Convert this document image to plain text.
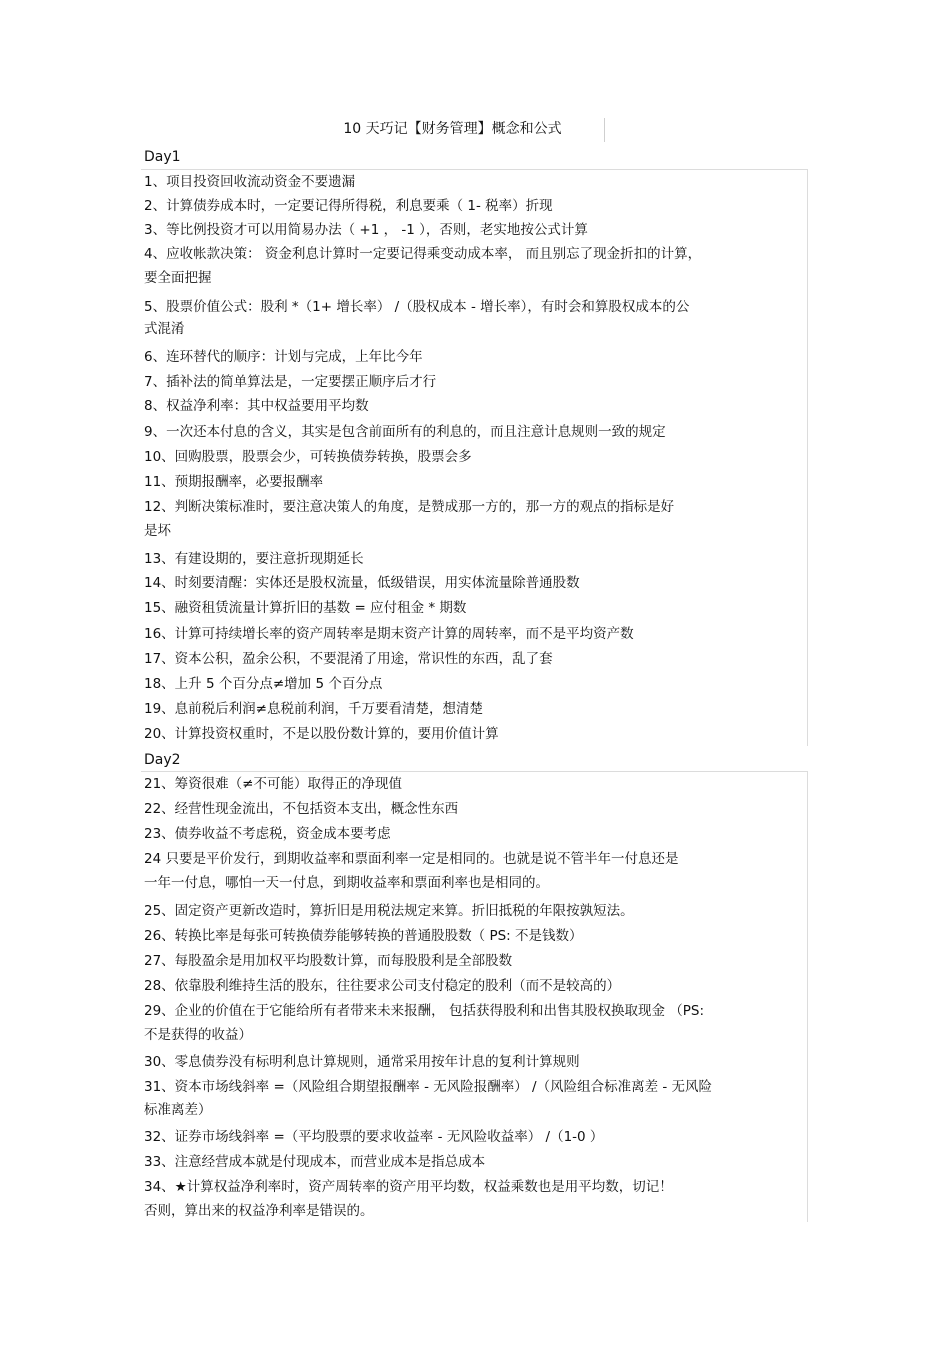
10 天巧记【财务管理】概念和公式
Day1
Day2
1、项目投资回收流动资金不要遗漏
2、计算债券成本时，一定要记得所得税，利息要乘（ 1- 税率）折现
3、等比例投资才可以用简易办法（ +1 ， -1 ），否则，老实地按公式计算
4、应收帐款决策： 资金利息计算时一定要记得乘变动成本率， 而且别忘了现金折扣的计算，
要全面把握
5、股票价值公式：股利 *（1+ 增长率） /（股权成本 - 增长率），有时会和算股权成本的公
式混淆
6、连环替代的顺序：计划与完成，上年比今年
7、插补法的简单算法是，一定要摆正顺序后才行
8、权益净利率：其中权益要用平均数
9、一次还本付息的含义，其实是包含前面所有的利息的，而且注意计息规则一致的规定
10、回购股票，股票会少，可转换债券转换，股票会多
11、预期报酬率，必要报酬率
12、判断决策标准时，要注意决策人的角度，是赞成那一方的，那一方的观点的指标是好
是坏
13、有建设期的，要注意折现期延长
14、时刻要清醒：实体还是股权流量，低级错误，用实体流量除普通股数
15、融资租赁流量计算折旧的基数 = 应付租金 * 期数
16、计算可持续增长率的资产周转率是期末资产计算的周转率，而不是平均资产数
17、资本公积，盈余公积，不要混淆了用途，常识性的东西，乱了套
18、上升 5 个百分点≠增加 5 个百分点
19、息前税后利润≠息税前利润，千万要看清楚，想清楚
20、计算投资权重时，不是以股份数计算的，要用价值计算
21、筹资很难（≠不可能）取得正的净现值
22、经营性现金流出，不包括资本支出，概念性东西
23、债券收益不考虑税，资金成本要考虑
24 只要是平价发行，到期收益率和票面利率一定是相同的。也就是说不管半年一付息还是
一年一付息，哪怕一天一付息，到期收益率和票面利率也是相同的。
25、固定资产更新改造时，算折旧是用税法规定来算。折旧抵税的年限按孰短法。
26、转换比率是每张可转换债券能够转换的普通股股数（ PS: 不是钱数）
27、每股盈余是用加权平均股数计算，而每股股利是全部股数
28、依靠股利维持生活的股东，往往要求公司支付稳定的股利（而不是较高的）
29、企业的价值在于它能给所有者带来未来报酬， 包括获得股利和出售其股权换取现金 （PS:
不是获得的收益）
30、零息债券没有标明利息计算规则，通常采用按年计息的复利计算规则
31、资本市场线斜率 =（风险组合期望报酬率 - 无风险报酬率） /（风险组合标准离差 - 无风险
标准离差）
32、证券市场线斜率 =（平均股票的要求收益率 - 无风险收益率） /（1-0 ）
33、注意经营成本就是付现成本，而营业成本是指总成本
34、★计算权益净利率时，资产周转率的资产用平均数，权益乘数也是用平均数，切记！
否则，算出来的权益净利率是错误的。
